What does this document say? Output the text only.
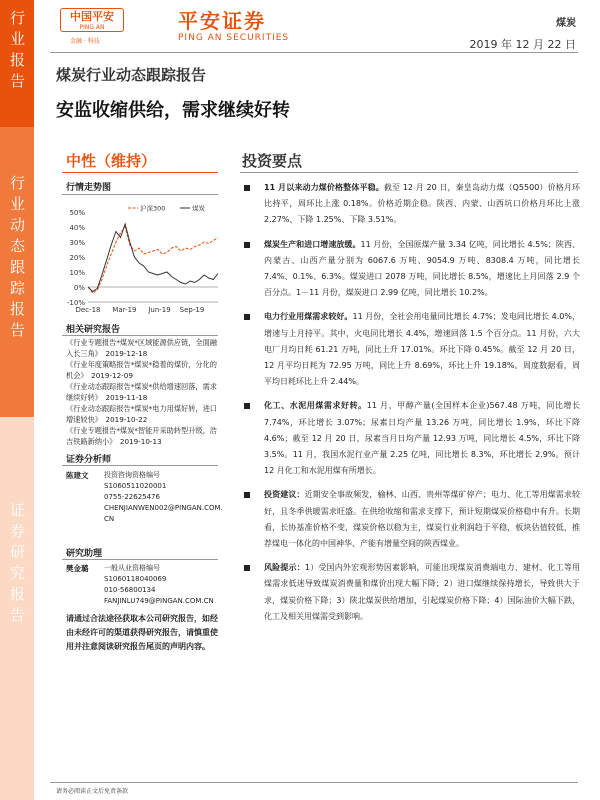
行业报告
行业动态跟踪报告
证券研究报告
中国平安
PING AN
金融 · 科技
平安证券
PING AN SECURITIES
煤炭
2019 年 12 月 22 日
煤炭行业动态跟踪报告
安监收缩供给，需求继续好转
中性（维持）
行情走势图
50%
40%
30%
20%
10%
0%
-10%
Dec-18 Mar-19 Jun-19 Sep-19
沪深300	煤炭
相关研究报告
《行业专题报告*煤炭*区域能源供应链，全面融入长三角》　2019-12-18
《行业年度策略报告*煤炭*稳着的煤价，分化的机会》　2019-12-09
《行业动态跟踪报告*煤炭*供给增速回落，需求继续好转》　2019-11-18
《行业动态跟踪报告*煤炭*电力用煤好转，进口增速较快》　2019-10-22
《行业专题报告*煤炭*智能开采助转型升级，浩吉铁路新纳小》　2019-10-13
证券分析师
陈建文	投资咨询资格编号
S1060511020001
0755-22625476
CHENJIANWEN002@PINGAN.COM.CN
研究助理
樊金璐	一般从业资格编号
S1060118040069
010-56800134
FANJINLU749@PINGAN.COM.CN
请通过合法途径获取本公司研究报告，如经由未经许可的渠道获得研究报告，请慎重使用并注意阅读研究报告尾页的声明内容。
投资要点
11 月以来动力煤价格整体平稳。截至 12 月 20 日，秦皇岛动力煤（Q5500）价格月环比持平，周环比上涨 0.18%。价格近期企稳。陕西、内蒙、山西坑口价格月环比上涨 2.27%、下降 1.25%、下降 3.51%。
煤炭生产和进口增速放缓。11 月份，全国原煤产量 3.34 亿吨，同比增长 4.5%；陕西、内蒙古、山西产量分别为 6067.6 万吨、9054.9 万吨、8308.4 万吨，同比增长 7.4%、0.1%、6.3%。煤炭进口 2078 万吨，同比增长 8.5%，增速比上月回落 2.9 个百分点。1－11 月份，煤炭进口 2.99 亿吨，同比增长 10.2%。
电力行业用煤需求较好。11 月份，全社会用电量同比增长 4.7%；发电同比增长 4.0%，增速与上月持平。其中，火电同比增长 4.4%，增速回落 1.5 个百分点。11 月份，六大电厂月均日耗 61.21 万吨，同比上升 17.01%。环比下降 0.45%。截至 12 月 20 日，12 月平均日耗为 72.95 万吨，同比上升 8.69%，环比上升 19.18%。周度数据看，周平均日耗环比上升 2.44%。
化工、水泥用煤需求好转。11 月，甲醇产量(全国样本企业)567.48 万吨，同比增长 7.74%，环比增长 3.07%；尿素日均产量 13.26 万吨，同比增长 1.9%，环比下降 4.6%；截至 12 月 20 日，尿素当月日均产量 12.93 万吨，同比增长 4.5%，环比下降 3.5%。11 月，我国水泥行业产量 2.25 亿吨，同比增长 8.3%，环比增长 2.9%。预计 12 月化工和水泥用煤有所增长。
投资建议：近期安全事故频发，榆林、山西、贵州等煤矿停产；电力、化工等用煤需求较好，且冬季供暖需求旺盛。在供给收缩和需求支撑下，预计短期煤炭价格稳中有升。长期看，长协基准价格不变，煤炭价格以稳为主，煤炭行业利润趋于平稳，板块估值较低，推荐煤电一体化的中国神华、产能有增量空间的陕西煤业。
风险提示：1）受国内外宏观形势因素影响，可能出现煤炭消费端电力、建材、化工等用煤需求低迷导致煤炭消费量和煤价出现大幅下降；2）进口煤继续保持增长，导致供大于求，煤炭价格下降；3）陕北煤炭供给增加，引起煤炭价格下降；4）国际油价大幅下跌，化工及相关用煤需受到影响。
请务必阅读正文后免责条款
